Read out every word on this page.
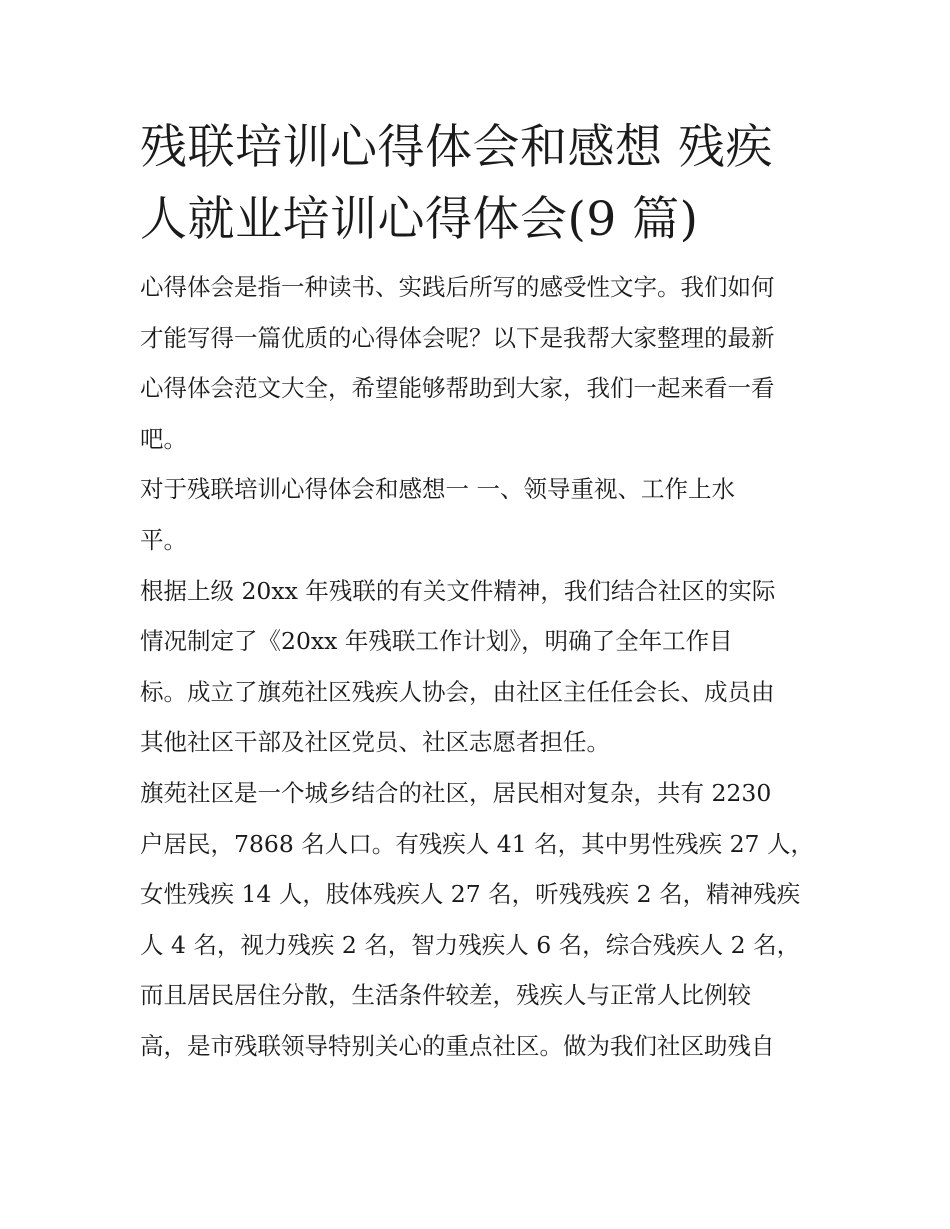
残联培训心得体会和感想 残疾
人就业培训心得体会(9 篇)

心得体会是指一种读书、实践后所写的感受性文字。我们如何
才能写得一篇优质的心得体会呢？以下是我帮大家整理的最新
心得体会范文大全，希望能够帮助到大家，我们一起来看一看
吧。

对于残联培训心得体会和感想一 一、领导重视、工作上水
平。

根据上级 20xx 年残联的有关文件精神，我们结合社区的实际
情况制定了《20xx 年残联工作计划》，明确了全年工作目
标。成立了旗苑社区残疾人协会，由社区主任任会长、成员由
其他社区干部及社区党员、社区志愿者担任。

旗苑社区是一个城乡结合的社区，居民相对复杂，共有 2230
户居民，7868 名人口。有残疾人 41 名，其中男性残疾 27 人，
女性残疾 14 人，肢体残疾人 27 名，听残残疾 2 名，精神残疾
人 4 名，视力残疾 2 名，智力残疾人 6 名，综合残疾人 2 名，
而且居民居住分散，生活条件较差，残疾人与正常人比例较
高，是市残联领导特别关心的重点社区。做为我们社区助残自
